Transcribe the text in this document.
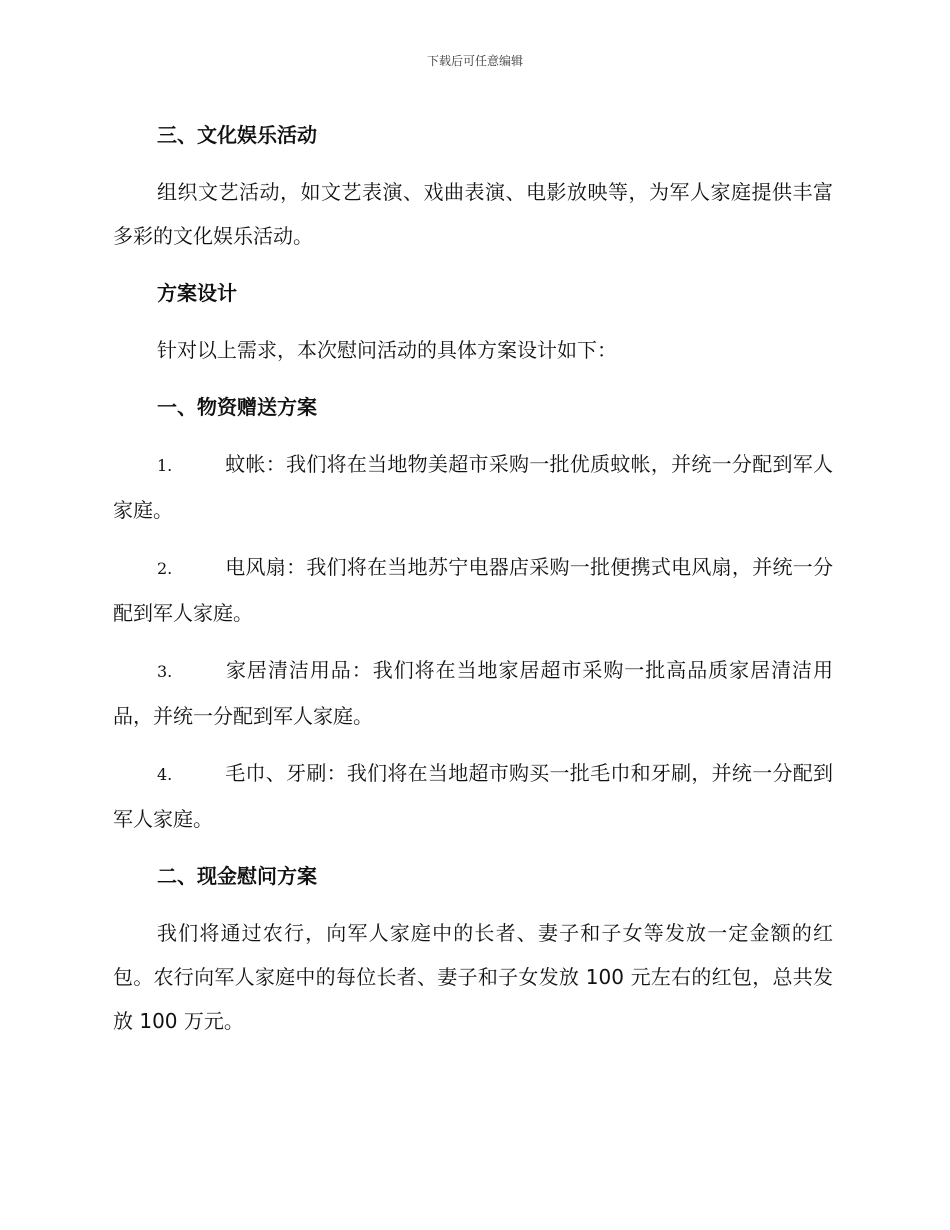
下载后可任意编辑
三、文化娱乐活动
组织文艺活动，如文艺表演、戏曲表演、电影放映等，为军人家庭提供丰富多彩的文化娱乐活动。
方案设计
针对以上需求，本次慰问活动的具体方案设计如下：
一、物资赠送方案
1.	蚊帐：我们将在当地物美超市采购一批优质蚊帐，并统一分配到军人家庭。
2.	电风扇：我们将在当地苏宁电器店采购一批便携式电风扇，并统一分配到军人家庭。
3.	家居清洁用品：我们将在当地家居超市采购一批高品质家居清洁用品，并统一分配到军人家庭。
4.	毛巾、牙刷：我们将在当地超市购买一批毛巾和牙刷，并统一分配到军人家庭。
二、现金慰问方案
我们将通过农行，向军人家庭中的长者、妻子和子女等发放一定金额的红包。农行向军人家庭中的每位长者、妻子和子女发放 100 元左右的红包，总共发放 100 万元。
